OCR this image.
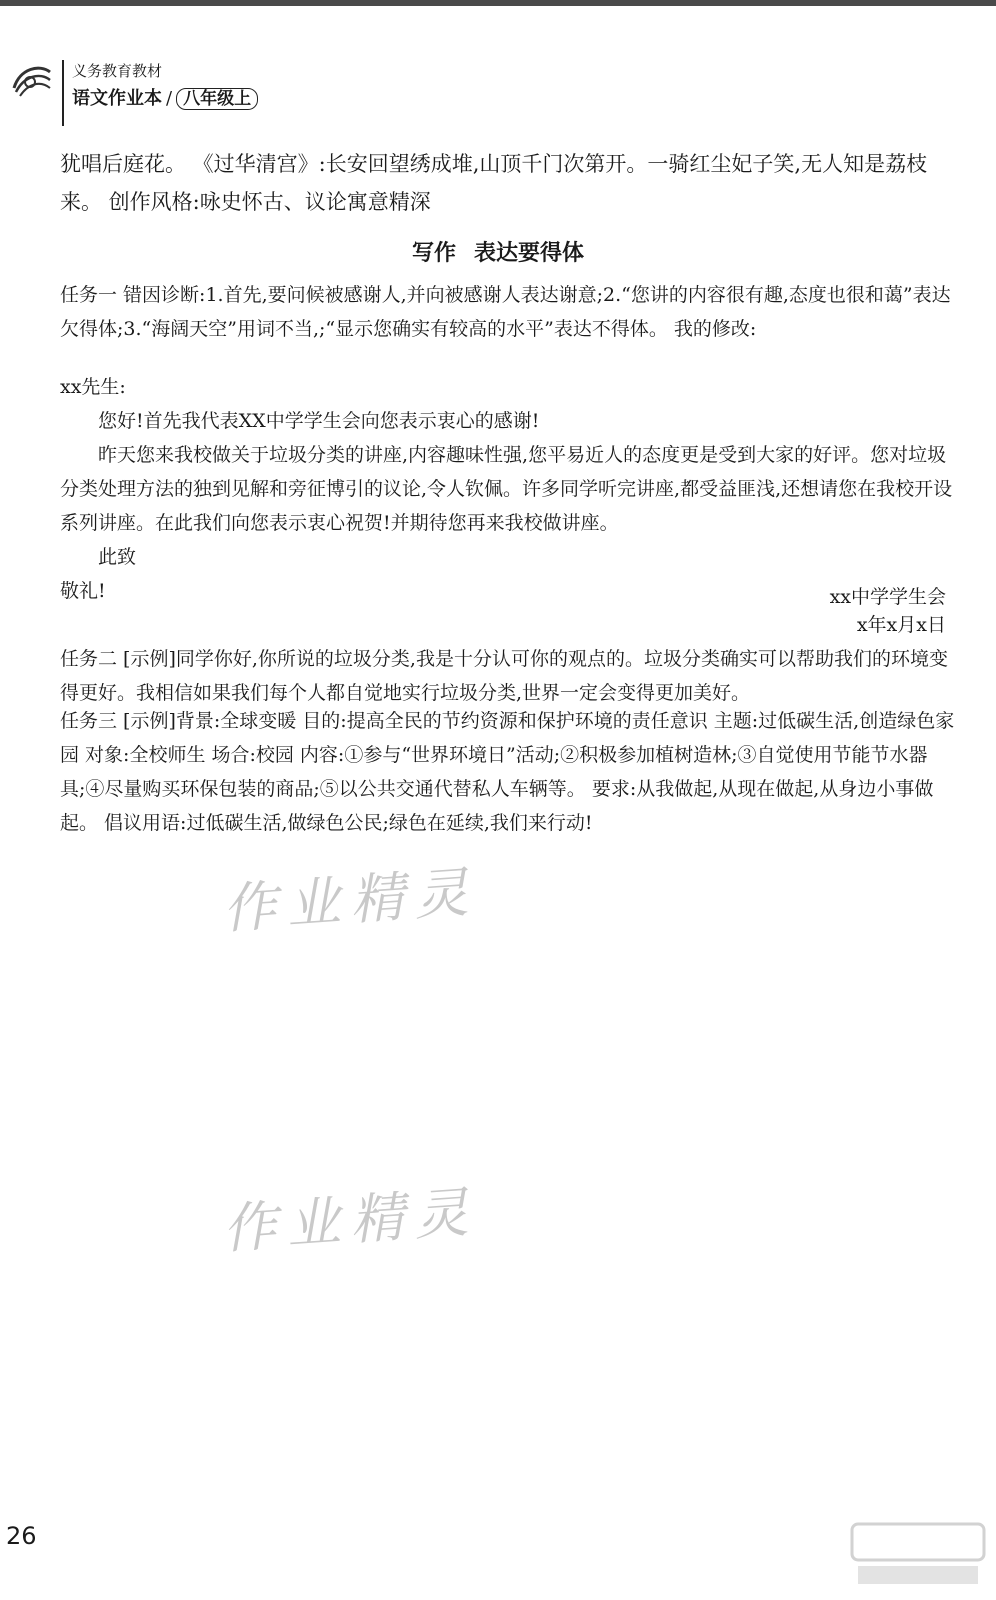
义务教育教材
语文作业本 / 八年级上
犹唱后庭花。 《过华清宫》:长安回望绣成堆,山顶千门次第开。一骑红尘妃子笑,无人知是荔枝来。 创作风格:咏史怀古、议论寓意精深
写作 表达要得体
任务一 错因诊断:1.首先,要问候被感谢人,并向被感谢人表达谢意;2.“您讲的内容很有趣,态度也很和蔼”表达欠得体;3.“海阔天空”用词不当,;“显示您确实有较高的水平”表达不得体。 我的修改:

xx先生:

您好!首先我代表XX中学学生会向您表示衷心的感谢!

昨天您来我校做关于垃圾分类的讲座,内容趣味性强,您平易近人的态度更是受到大家的好评。您对垃圾分类处理方法的独到见解和旁征博引的议论,令人钦佩。许多同学听完讲座,都受益匪浅,还想请您在我校开设系列讲座。在此我们向您表示衷心祝贺!并期待您再来我校做讲座。

此致

敬礼!	xx中学学生会
x年x月x日
任务二 [示例]同学你好,你所说的垃圾分类,我是十分认可你的观点的。垃圾分类确实可以帮助我们的环境变得更好。我相信如果我们每个人都自觉地实行垃圾分类,世界一定会变得更加美好。
任务三 [示例]背景:全球变暖 目的:提高全民的节约资源和保护环境的责任意识 主题:过低碳生活,创造绿色家园 对象:全校师生 场合:校园 内容:①参与“世界环境日”活动;②积极参加植树造林;③自觉使用节能节水器具;④尽量购买环保包装的商品;⑤以公共交通代替私人车辆等。 要求:从我做起,从现在做起,从身边小事做起。 倡议用语:过低碳生活,做绿色公民;绿色在延续,我们来行动!
作业精灵
作业精灵
26
